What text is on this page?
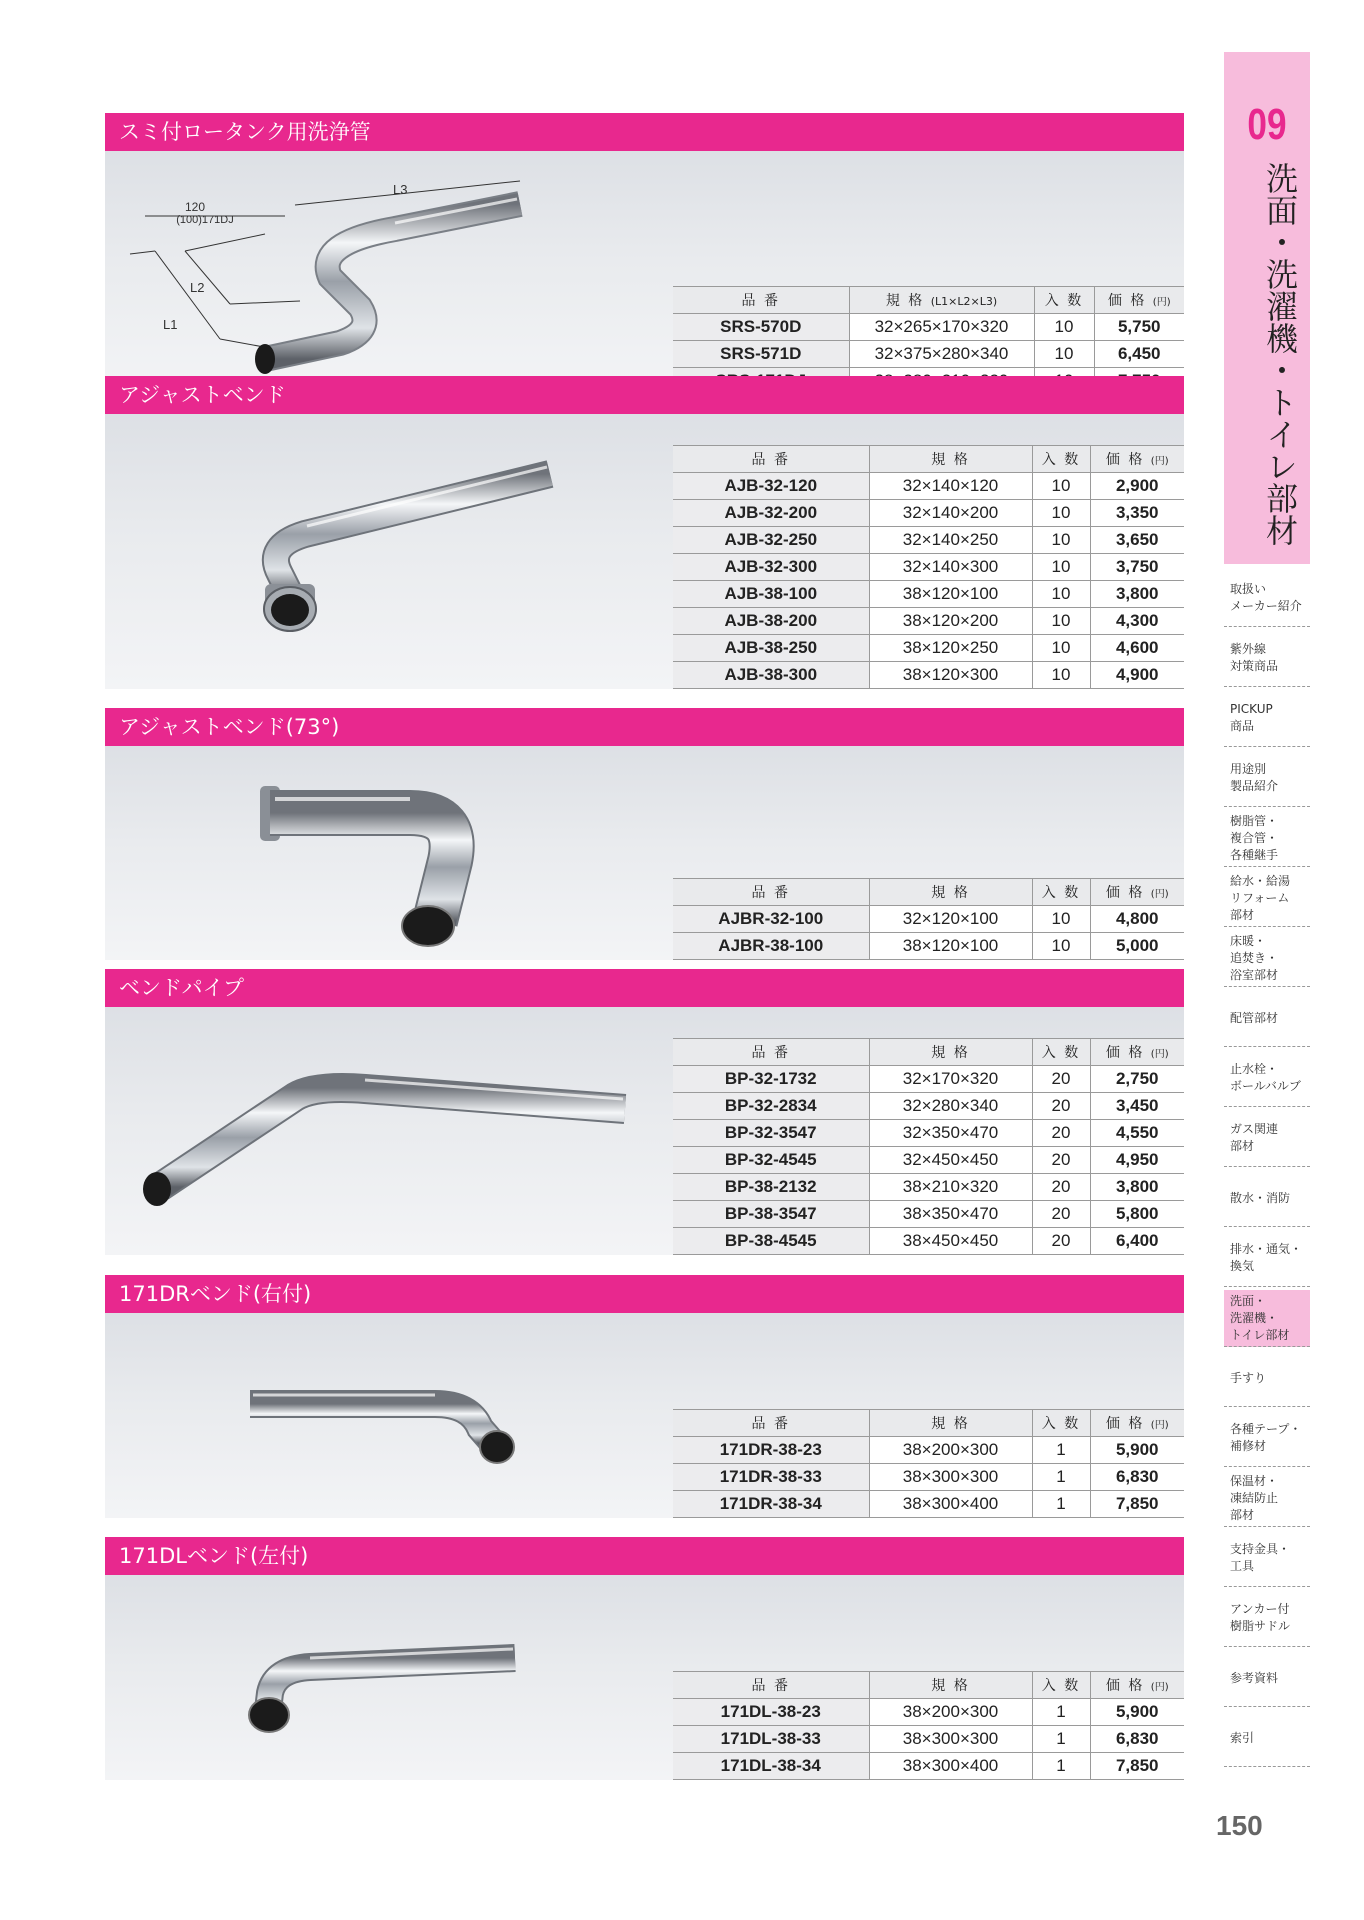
スミ付ロータンク用洗浄管
120
(100)171DJ
L3
L2
L1
品 番	規 格 (L1×L2×L3)	入 数	価 格 (円)
SRS-570D	32×265×170×320	10	5,750
SRS-571D	32×375×280×340	10	6,450

アジャストベンド
品 番	規 格	入 数	価 格 (円)
AJB-32-120	32×140×120	10	2,900
AJB-32-200	32×140×200	10	3,350
AJB-32-250	32×140×250	10	3,650
AJB-32-300	32×140×300	10	3,750
AJB-38-100	38×120×100	10	3,800
AJB-38-200	38×120×200	10	4,300
AJB-38-250	38×120×250	10	4,600
AJB-38-300	38×120×300	10	4,900
アジャストベンド(73°)
品 番	規 格	入 数	価 格 (円)
AJBR-32-100	32×120×100	10	4,800
AJBR-38-100	38×120×100	10	5,000
ベンドパイプ
品 番	規 格	入 数	価 格 (円)
BP-32-1732	32×170×320	20	2,750
BP-32-2834	32×280×340	20	3,450
BP-32-3547	32×350×470	20	4,550
BP-32-4545	32×450×450	20	4,950
BP-38-2132	38×210×320	20	3,800
BP-38-3547	38×350×470	20	5,800
BP-38-4545	38×450×450	20	6,400
171DRベンド(右付)
品 番	規 格	入 数	価 格 (円)
171DR-38-23	38×200×300	1	5,900
171DR-38-33	38×300×300	1	6,830
171DR-38-34	38×300×400	1	7,850
171DLベンド(左付)
品 番	規 格	入 数	価 格 (円)
171DL-38-23	38×200×300	1	5,900
171DL-38-33	38×300×300	1	6,830
171DL-38-34	38×300×400	1	7,850
09
洗面・洗濯機・トイレ部材
取扱い
メーカー紹介
紫外線
対策商品
PICKUP
商品
用途別
製品紹介
樹脂管・
複合管・
各種継手
給水・給湯
リフォーム
部材
床暖・
追焚き・
浴室部材
配管部材
止水栓・
ボールバルブ
ガス関連
部材
散水・消防
排水・通気・
換気
洗面・
洗濯機・
トイレ部材
手すり
各種テープ・
補修材
保温材・
凍結防止
部材
支持金具・
工具
アンカー付
樹脂サドル
参考資料
索引
150
